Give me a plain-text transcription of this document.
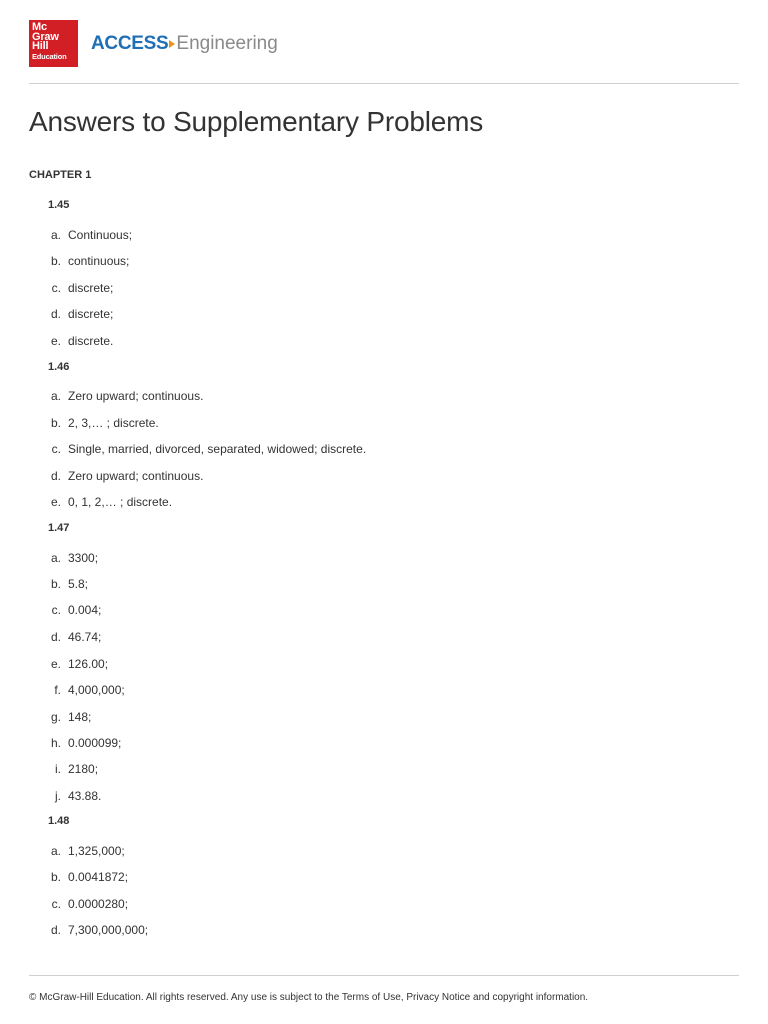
Mc
Graw
Hill
Education
ACCESS Engineering
Answers to Supplementary Problems
CHAPTER 1
1.45
a. Continuous;
b. continuous;
c. discrete;
d. discrete;
e. discrete.
1.46
a. Zero upward; continuous.
b. 2, 3,… ; discrete.
c. Single, married, divorced, separated, widowed; discrete.
d. Zero upward; continuous.
e. 0, 1, 2,… ; discrete.
1.47
a. 3300;
b. 5.8;
c. 0.004;
d. 46.74;
e. 126.00;
f. 4,000,000;
g. 148;
h. 0.000099;
i. 2180;
j. 43.88.
1.48
a. 1,325,000;
b. 0.0041872;
c. 0.0000280;
d. 7,300,000,000;
© McGraw-Hill Education. All rights reserved. Any use is subject to the Terms of Use, Privacy Notice and copyright information.
